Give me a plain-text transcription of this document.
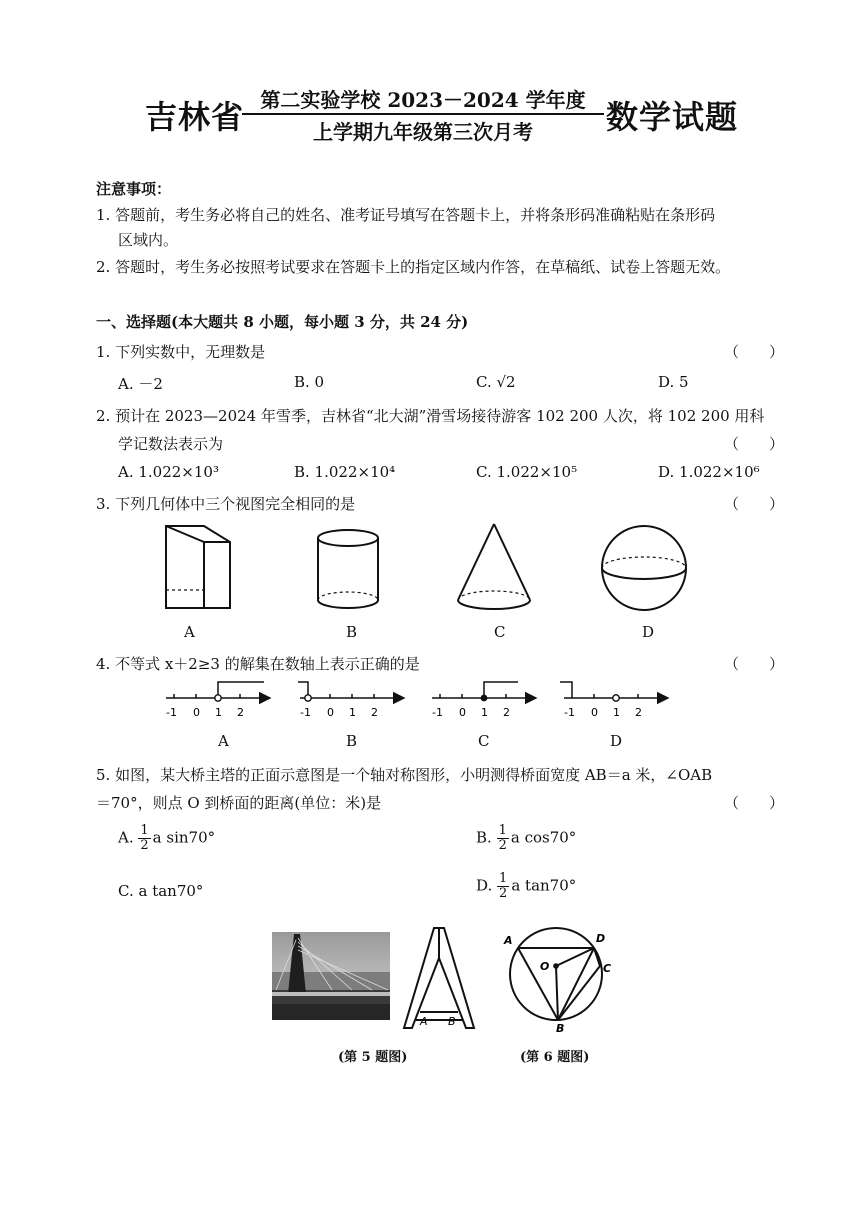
吉林省 第二实验学校 2023－2024 学年度
上学期九年级第三次月考	数学试题
注意事项：
1. 答题前，考生务必将自己的姓名、准考证号填写在答题卡上，并将条形码准确粘贴在条形码
区域内。
2. 答题时，考生务必按照考试要求在答题卡上的指定区域内作答，在草稿纸、试卷上答题无效。
一、选择题(本大题共 8 小题，每小题 3 分，共 24 分)
1. 下列实数中，无理数是	（　　）
A. －2	B. 0	C. √2	D. 5
2. 预计在 2023—2024 年雪季，吉林省“北大湖”滑雪场接待游客 102 200 人次，将 102 200 用科
学记数法表示为	（　　）
A. 1.022×10³	B. 1.022×10⁴	C. 1.022×10⁵	D. 1.022×10⁶
3. 下列几何体中三个视图完全相同的是	（　　）
A	B	C	D
4. 不等式 x＋2≥3 的解集在数轴上表示正确的是	（　　）
-1 0 1 2	-1 0 1 2	-1 0 1 2	-1 0 1 2
A	B	C	D
5. 如图，某大桥主塔的正面示意图是一个轴对称图形，小明测得桥面宽度 AB＝a 米，∠OAB
＝70°，则点 O 到桥面的距离(单位：米)是	（　　）
A. $\frac{1}{2}$ a sin70°	B. $\frac{1}{2}$ a cos70°
C. a tan70°	D. $\frac{1}{2}$ a tan70°
A B
A	D
O	C
B
(第 5 题图)	(第 6 题图)
